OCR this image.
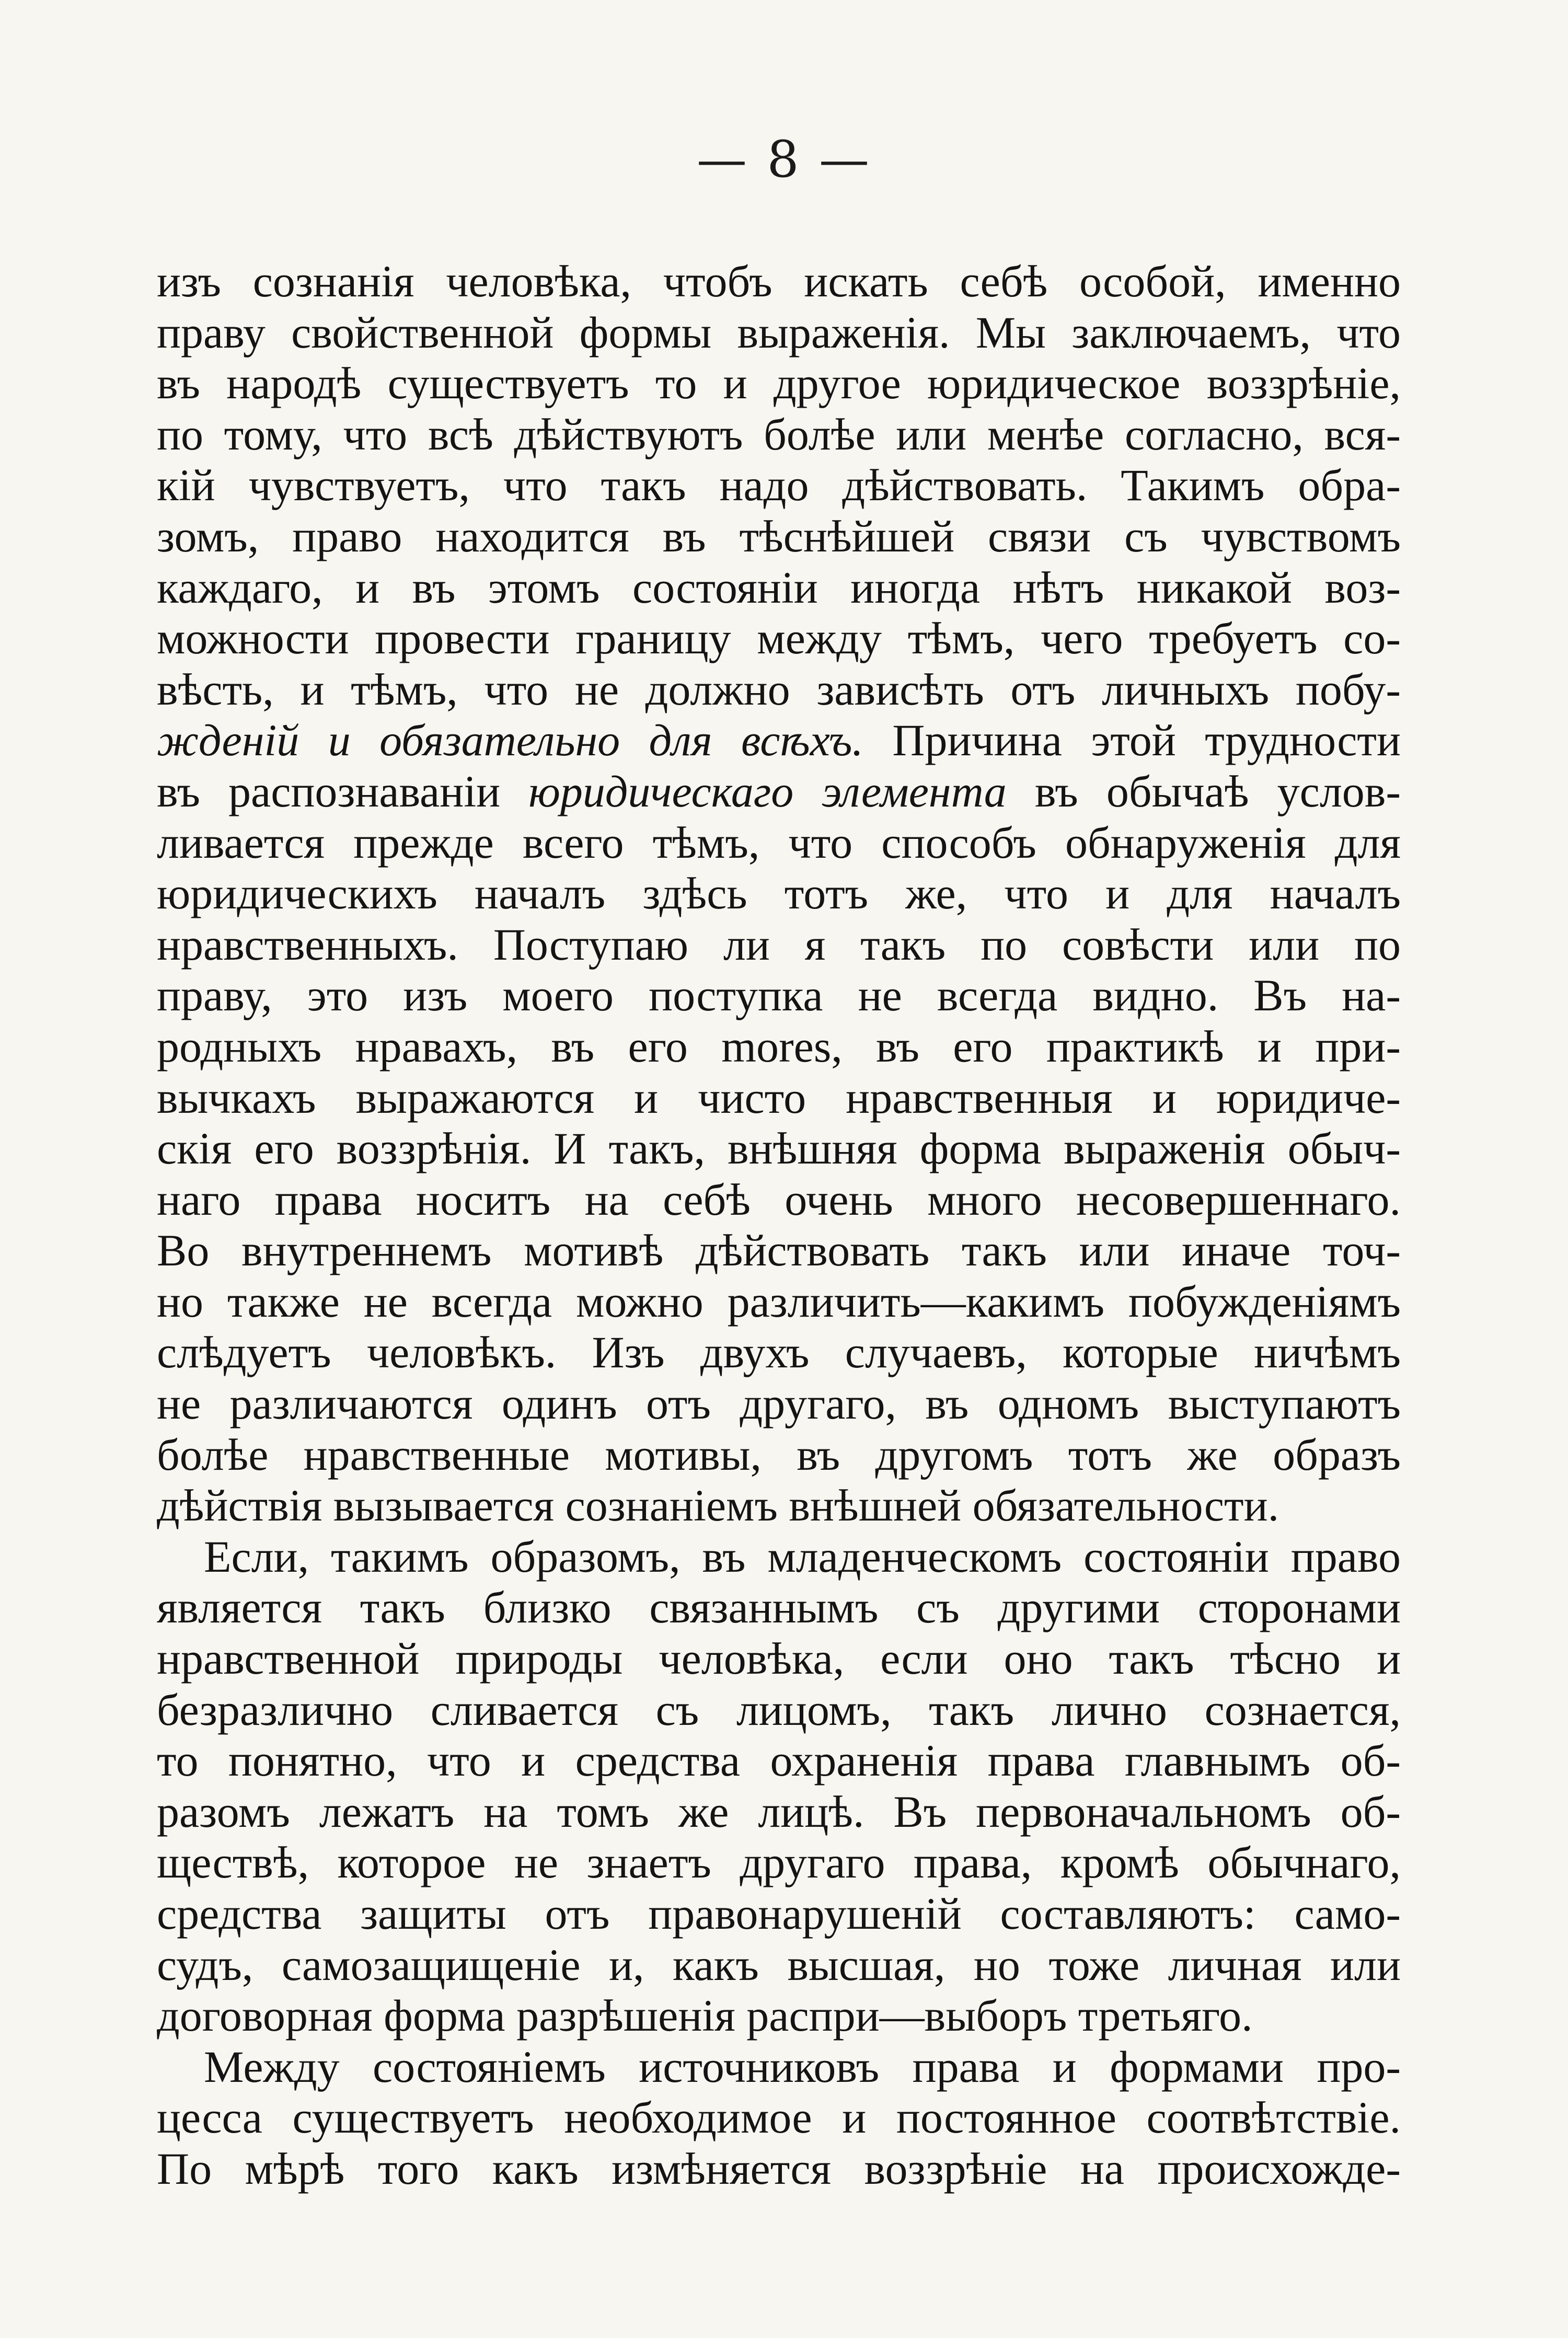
— 8 —
изъ сознанія человѣка, чтобъ искать себѣ особой, именно
праву свойственной формы выраженія. Мы заключаемъ, что
въ народѣ существуетъ то и другое юридическое воззрѣніе,
по тому, что всѣ дѣйствуютъ болѣе или менѣе согласно, вся-
кій чувствуетъ, что такъ надо дѣйствовать. Такимъ обра-
зомъ, право находится въ тѣснѣйшей связи съ чувствомъ
каждаго, и въ этомъ состояніи иногда нѣтъ никакой воз-
можности провести границу между тѣмъ, чего требуетъ со-
вѣсть, и тѣмъ, что не должно зависѣть отъ личныхъ побу-
жденій и обязательно для всѣхъ. Причина этой трудности
въ распознаваніи юридическаго элемента въ обычаѣ услов-
ливается прежде всего тѣмъ, что способъ обнаруженія для
юридическихъ началъ здѣсь тотъ же, что и для началъ
нравственныхъ. Поступаю ли я такъ по совѣсти или по
праву, это изъ моего поступка не всегда видно. Въ на-
родныхъ нравахъ, въ его mores, въ его практикѣ и при-
вычкахъ выражаются и чисто нравственныя и юридиче-
скія его воззрѣнія. И такъ, внѣшняя форма выраженія обыч-
наго права носитъ на себѣ очень много несовершеннаго.
Во внутреннемъ мотивѣ дѣйствовать такъ или иначе точ-
но также не всегда можно различить—какимъ побужденіямъ
слѣдуетъ человѣкъ. Изъ двухъ случаевъ, которые ничѣмъ
не различаются одинъ отъ другаго, въ одномъ выступаютъ
болѣе нравственные мотивы, въ другомъ тотъ же образъ
дѣйствія вызывается сознаніемъ внѣшней обязательности.
Если, такимъ образомъ, въ младенческомъ состояніи право
является такъ близко связаннымъ съ другими сторонами
нравственной природы человѣка, если оно такъ тѣсно и
безразлично сливается съ лицомъ, такъ лично сознается,
то понятно, что и средства охраненія права главнымъ об-
разомъ лежатъ на томъ же лицѣ. Въ первоначальномъ об-
ществѣ, которое не знаетъ другаго права, кромѣ обычнаго,
средства защиты отъ правонарушеній составляютъ: само-
судъ, самозащищеніе и, какъ высшая, но тоже личная или
договорная форма разрѣшенія распри—выборъ третьяго.
Между состояніемъ источниковъ права и формами про-
цесса существуетъ необходимое и постоянное соотвѣтствіе.
По мѣрѣ того какъ измѣняется воззрѣніе на происхожде-
